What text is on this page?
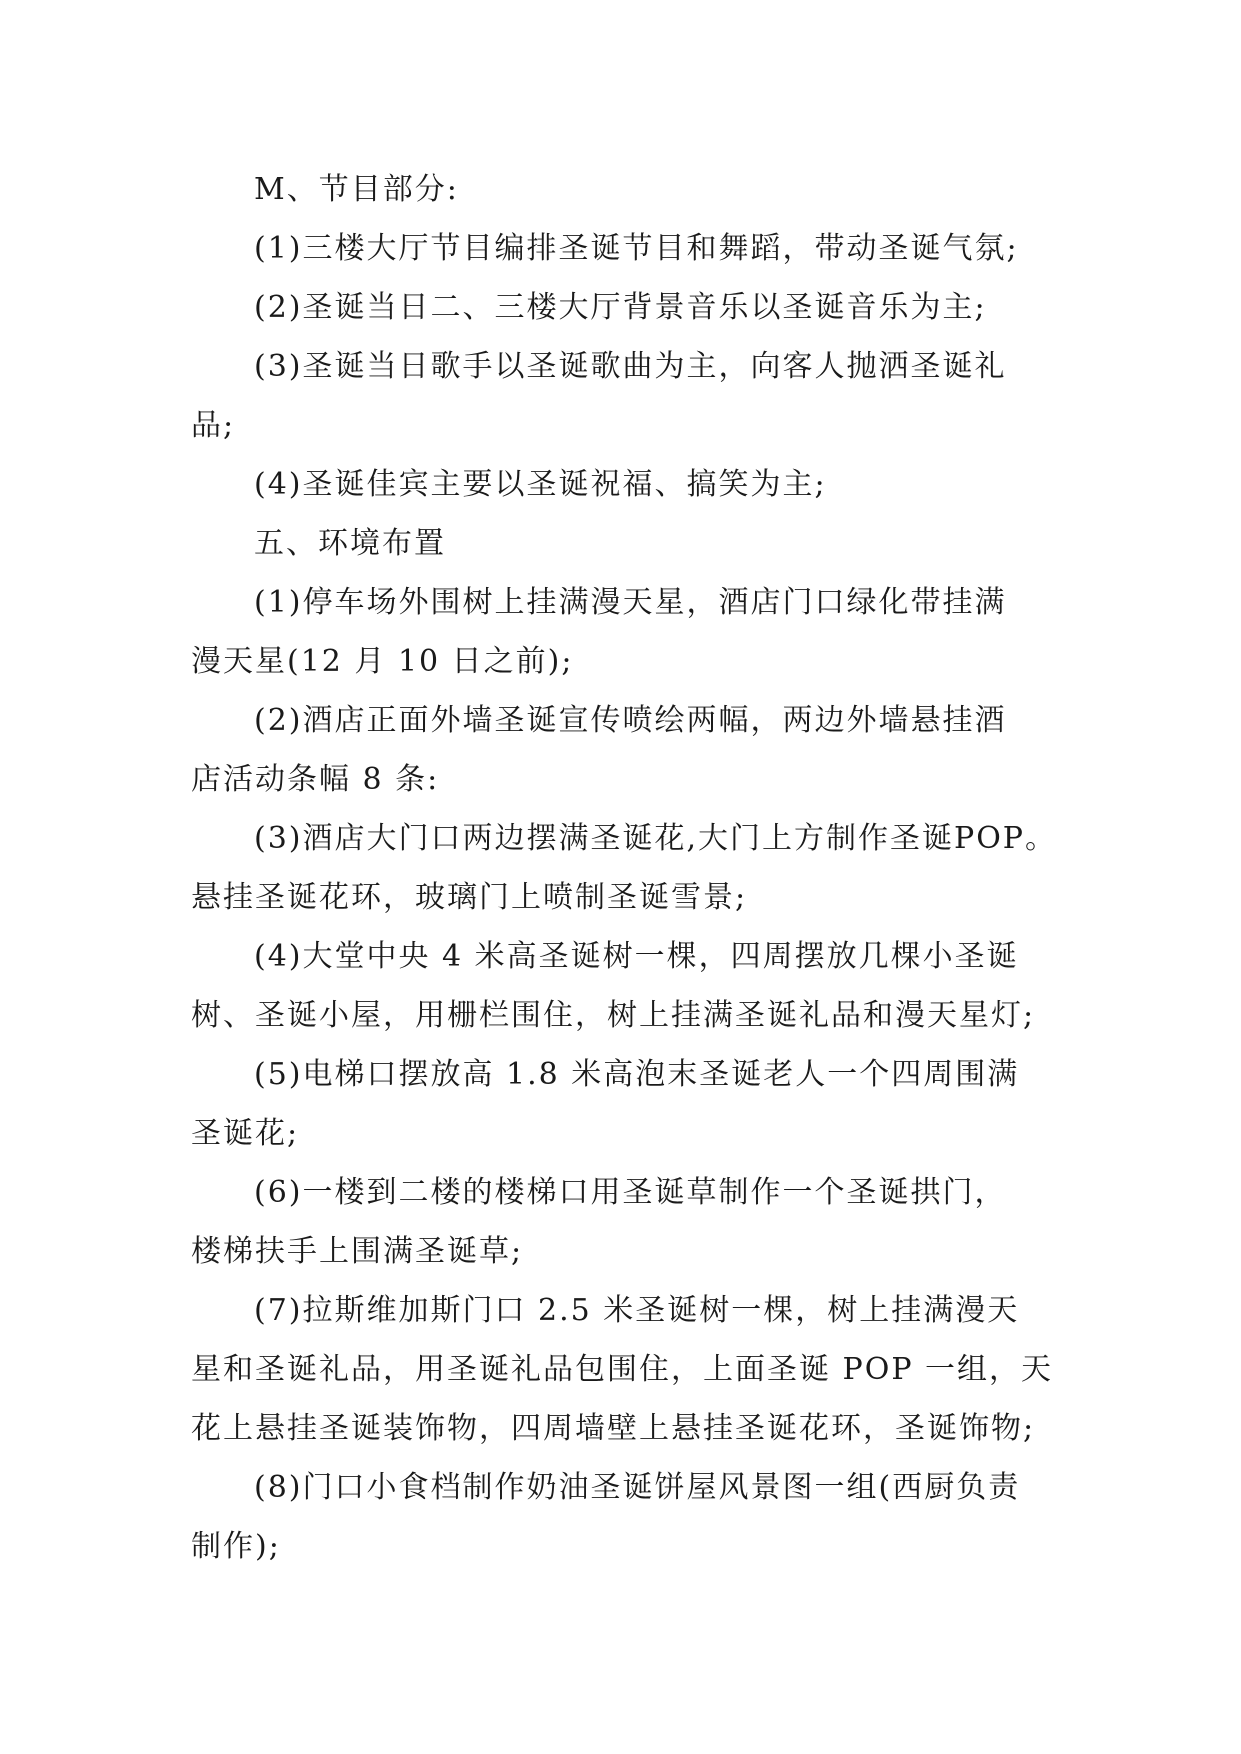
M、节目部分:
(1)三楼大厅节目编排圣诞节目和舞蹈，带动圣诞气氛;
(2)圣诞当日二、三楼大厅背景音乐以圣诞音乐为主;
(3)圣诞当日歌手以圣诞歌曲为主，向客人抛洒圣诞礼
品;
(4)圣诞佳宾主要以圣诞祝福、搞笑为主;
五、环境布置
(1)停车场外围树上挂满漫天星，酒店门口绿化带挂满
漫天星(12 月 10 日之前);
(2)酒店正面外墙圣诞宣传喷绘两幅，两边外墙悬挂酒
店活动条幅 8 条:
(3)酒店大门口两边摆满圣诞花,大门上方制作圣诞POP。
悬挂圣诞花环，玻璃门上喷制圣诞雪景;
(4)大堂中央 4 米高圣诞树一棵，四周摆放几棵小圣诞
树、圣诞小屋，用栅栏围住，树上挂满圣诞礼品和漫天星灯;
(5)电梯口摆放高 1.8 米高泡末圣诞老人一个四周围满
圣诞花;
(6)一楼到二楼的楼梯口用圣诞草制作一个圣诞拱门，
楼梯扶手上围满圣诞草;
(7)拉斯维加斯门口 2.5 米圣诞树一棵，树上挂满漫天
星和圣诞礼品，用圣诞礼品包围住，上面圣诞 POP 一组，天
花上悬挂圣诞装饰物，四周墙壁上悬挂圣诞花环，圣诞饰物;
(8)门口小食档制作奶油圣诞饼屋风景图一组(西厨负责
制作);
